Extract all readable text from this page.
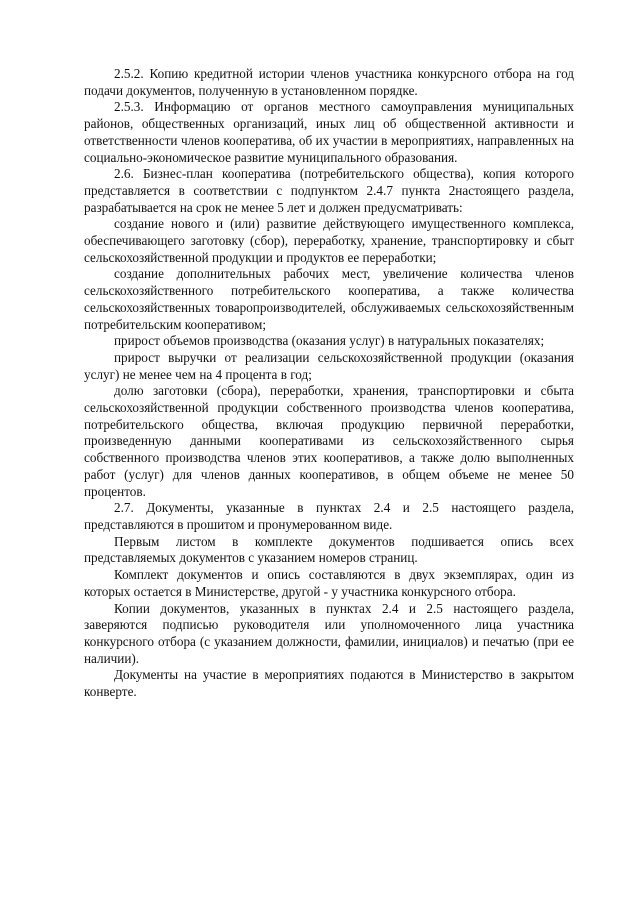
2.5.2. Копию кредитной истории членов участника конкурсного отбора на год подачи документов, полученную в установленном порядке.

2.5.3. Информацию от органов местного самоуправления муниципальных районов, общественных организаций, иных лиц об общественной активности и ответственности членов кооператива, об их участии в мероприятиях, направленных на социально-экономическое развитие муниципального образования.

2.6. Бизнес-план кооператива (потребительского общества), копия которого представляется в соответствии с подпунктом 2.4.7 пункта 2настоящего раздела, разрабатывается на срок не менее 5 лет и должен предусматривать:

создание нового и (или) развитие действующего имущественного комплекса, обеспечивающего заготовку (сбор), переработку, хранение, транспортировку и сбыт сельскохозяйственной продукции и продуктов ее переработки;

создание дополнительных рабочих мест, увеличение количества членов сельскохозяйственного потребительского кооператива, а также количества сельскохозяйственных товаропроизводителей, обслуживаемых сельскохозяйственным потребительским кооперативом;

прирост объемов производства (оказания услуг) в натуральных показателях;

прирост выручки от реализации сельскохозяйственной продукции (оказания услуг) не менее чем на 4 процента в год;

долю заготовки (сбора), переработки, хранения, транспортировки и сбыта сельскохозяйственной продукции собственного производства членов кооператива, потребительского общества, включая продукцию первичной переработки, произведенную данными кооперативами из сельскохозяйственного сырья собственного производства членов этих кооперативов, а также долю выполненных работ (услуг) для членов данных кооперативов, в общем объеме не менее 50 процентов.

2.7. Документы, указанные в пунктах 2.4 и 2.5 настоящего раздела, представляются в прошитом и пронумерованном виде.

Первым листом в комплекте документов подшивается опись всех представляемых документов с указанием номеров страниц.

Комплект документов и опись составляются в двух экземплярах, один из которых остается в Министерстве, другой - у участника конкурсного отбора.

Копии документов, указанных в пунктах 2.4 и 2.5 настоящего раздела, заверяются подписью руководителя или уполномоченного лица участника конкурсного отбора (с указанием должности, фамилии, инициалов) и печатью (при ее наличии).

Документы на участие в мероприятиях подаются в Министерство в закрытом конверте.
